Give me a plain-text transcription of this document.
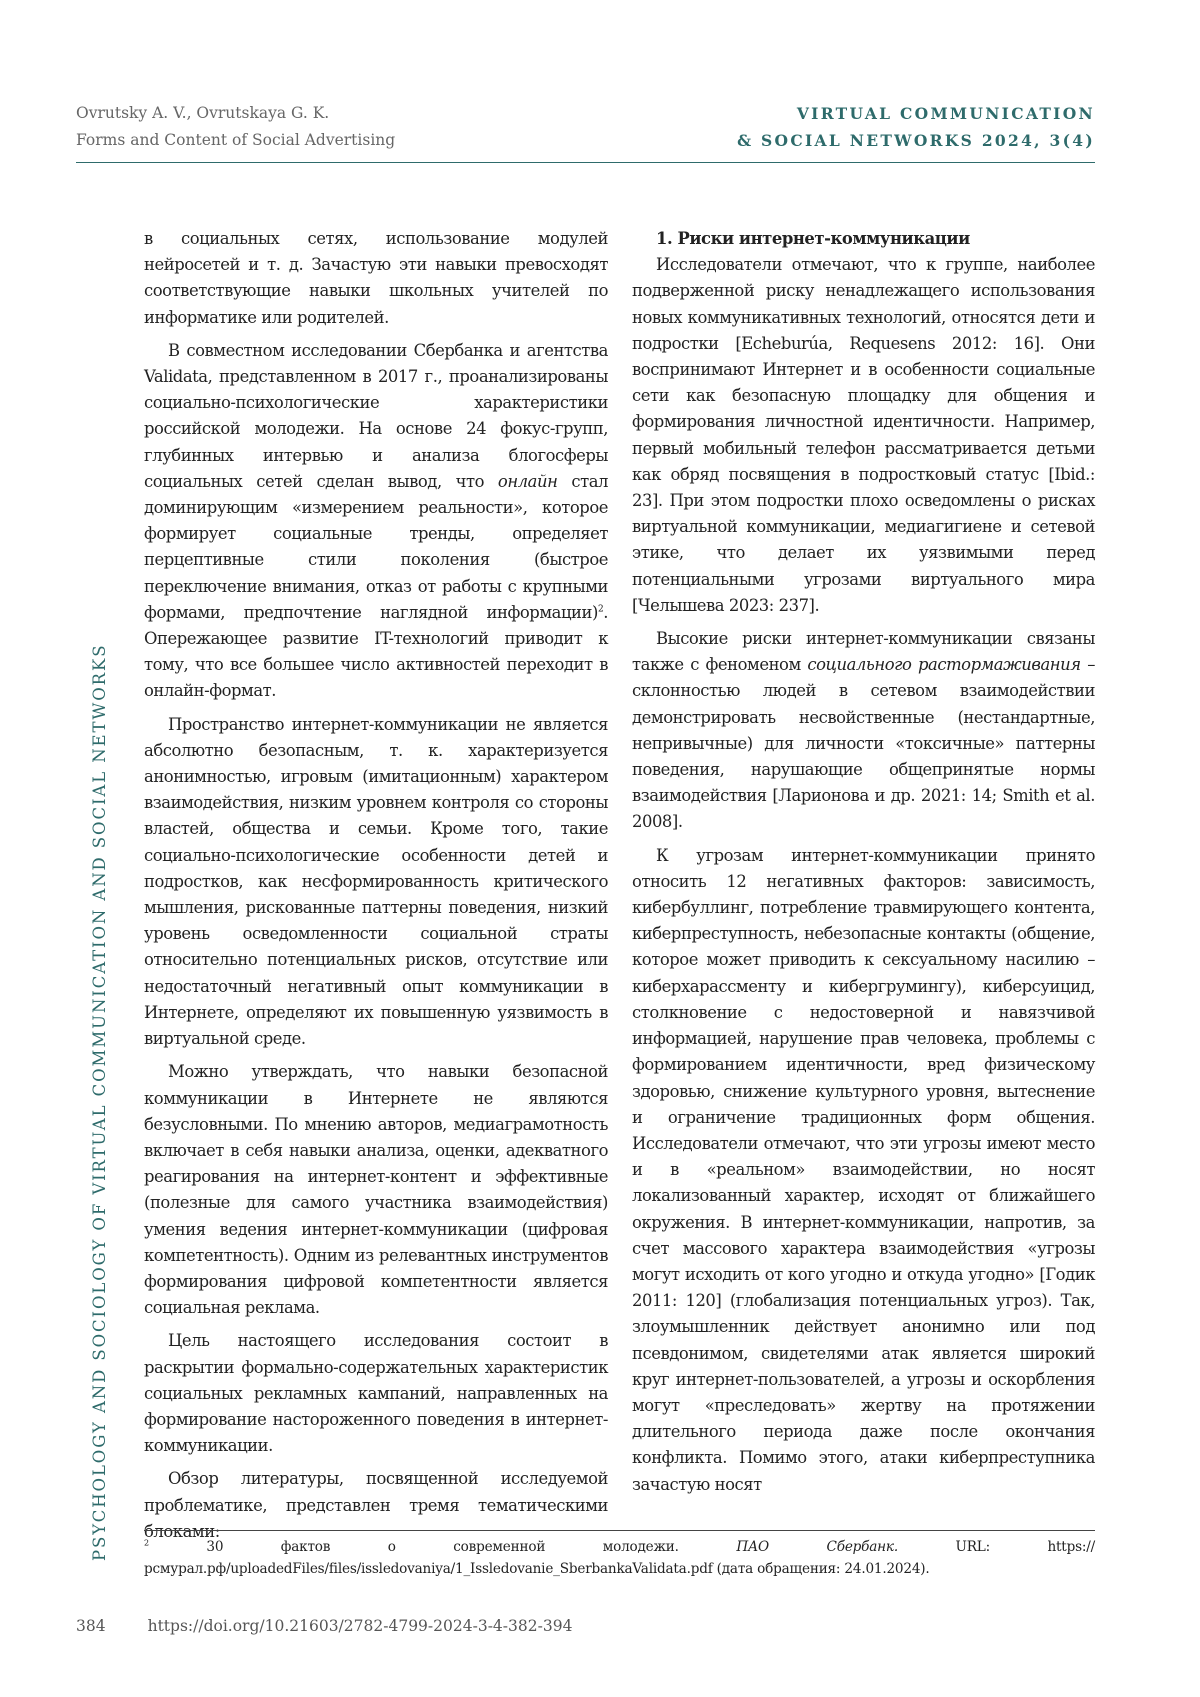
Ovrutsky A. V., Ovrutskaya G. K.
Forms and Content of Social Advertising
VIRTUAL COMMUNICATION
& SOCIAL NETWORKS 2024, 3(4)
PSYCHOLOGY AND SOCIOLOGY OF VIRTUAL COMMUNICATION AND SOCIAL NETWORKS

в социальных сетях, использование модулей нейросетей и т. д. Зачастую эти навыки превосходят соответствующие навыки школьных учителей по информатике или родителей.

В совместном исследовании Сбербанка и агентства Validata, представленном в 2017 г., проанализированы социально-психологические характеристики российской молодежи. На основе 24 фокус-групп, глубинных интервью и анализа блогосферы социальных сетей сделан вывод, что онлайн стал доминирующим «измерением реальности», которое формирует социальные тренды, определяет перцептивные стили поколения (быстрое переключение внимания, отказ от работы с крупными формами, предпочтение наглядной информации)$^2$. Опережающее развитие IT-технологий приводит к тому, что все большее число активностей переходит в онлайн-формат.

Пространство интернет-коммуникации не является абсолютно безопасным, т. к. характеризуется анонимностью, игровым (имитационным) характером взаимодействия, низким уровнем контроля со стороны властей, общества и семьи. Кроме того, такие социально-психологические особенности детей и подростков, как несформированность критического мышления, рискованные паттерны поведения, низкий уровень осведомленности социальной страты относительно потенциальных рисков, отсутствие или недостаточный негативный опыт коммуникации в Интернете, определяют их повышенную уязвимость в виртуальной среде.

Можно утверждать, что навыки безопасной коммуникации в Интернете не являются безусловными. По мнению авторов, медиаграмотность включает в себя навыки анализа, оценки, адекватного реагирования на интернет-контент и эффективные (полезные для самого участника взаимодействия) умения ведения интернет-коммуникации (цифровая компетентность). Одним из релевантных инструментов формирования цифровой компетентности является социальная реклама.

Цель настоящего исследования состоит в раскрытии формально-содержательных характеристик социальных рекламных кампаний, направленных на формирование настороженного поведения в интернет-коммуникации.

Обзор литературы, посвященной исследуемой проблематике, представлен тремя тематическими блоками:

1. Риски интернет-коммуникации

Исследователи отмечают, что к группе, наиболее подверженной риску ненадлежащего использования новых коммуникативных технологий, относятся дети и подростки [Echeburúa, Requesens 2012: 16]. Они воспринимают Интернет и в особенности социальные сети как безопасную площадку для общения и формирования личностной идентичности. Например, первый мобильный телефон рассматривается детьми как обряд посвящения в подростковый статус [Ibid.: 23]. При этом подростки плохо осведомлены о рисках виртуальной коммуникации, медиагигиене и сетевой этике, что делает их уязвимыми перед потенциальными угрозами виртуального мира [Челышева 2023: 237].

Высокие риски интернет-коммуникации связаны также с феноменом социального растормаживания – склонностью людей в сетевом взаимодействии демонстрировать несвойственные (нестандартные, непривычные) для личности «токсичные» паттерны поведения, нарушающие общепринятые нормы взаимодействия [Ларионова и др. 2021: 14; Smith et al. 2008].

К угрозам интернет-коммуникации принято относить 12 негативных факторов: зависимость, кибербуллинг, потребление травмирующего контента, киберпреступность, небезопасные контакты (общение, которое может приводить к сексуальному насилию – киберхарассменту и кибергрумингу), киберсуицид, столкновение с недостоверной и навязчивой информацией, нарушение прав человека, проблемы с формированием идентичности, вред физическому здоровью, снижение культурного уровня, вытеснение и ограничение традиционных форм общения. Исследователи отмечают, что эти угрозы имеют место и в «реальном» взаимодействии, но носят локализованный характер, исходят от ближайшего окружения. В интернет-коммуникации, напротив, за счет массового характера взаимодействия «угрозы могут исходить от кого угодно и откуда угодно» [Годик 2011: 120] (глобализация потенциальных угроз). Так, злоумышленник действует анонимно или под псевдонимом, свидетелями атак является широкий круг интернет-пользователей, а угрозы и оскорбления могут «преследовать» жертву на протяжении длительного периода даже после окончания конфликта. Помимо этого, атаки киберпреступника зачастую носят

$^2$ 30 фактов о современной молодежи. ПАО Сбербанк. URL: https://рсмурал.рф/uploadedFiles/files/issledovaniya/1_Issledovanie_SberbankaValidata.pdf (дата обращения: 24.01.2024).
384	https://doi.org/10.21603/2782-4799-2024-3-4-382-394
